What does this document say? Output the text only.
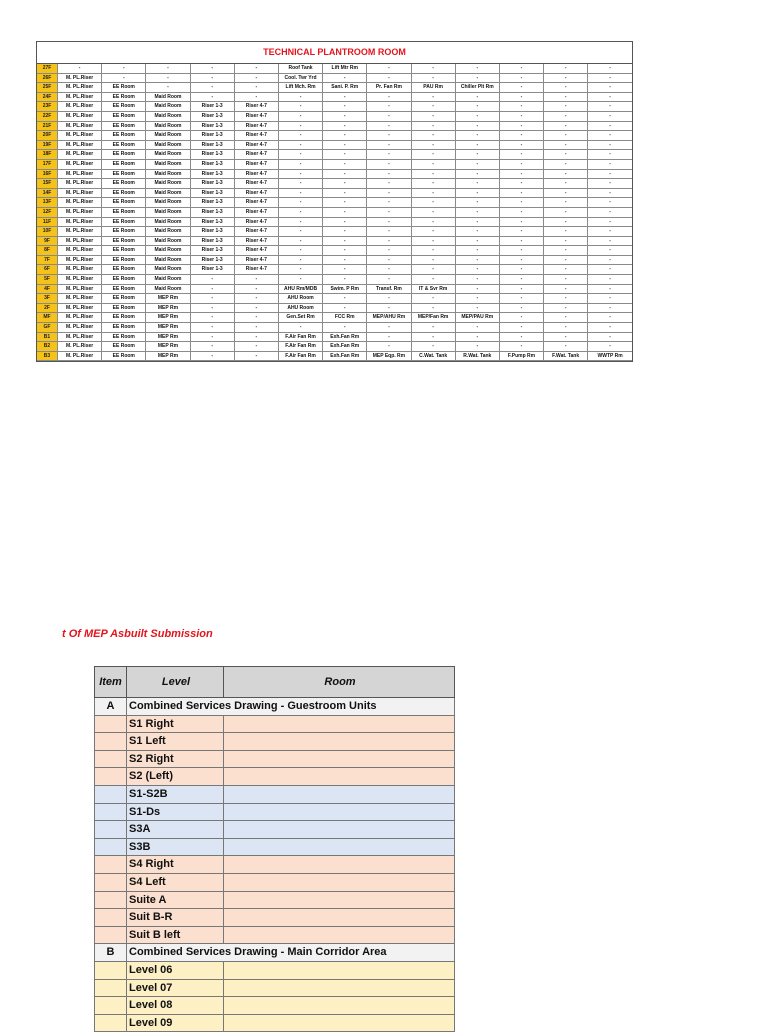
TECHNICAL PLANTROOM ROOM
27F	-	-	-	-	-	Roof Tank	Lift Mtr Rm	-	-	-	-	-	-
26F	M. PL.Riser	-	-	-	-	Cool. Twr Yrd	-	-	-	-	-	-	-
25F	M. PL.Riser	EE Room	-	-	-	Lift Mch. Rm	Sani. P. Rm	Pr. Fan Rm	PAU Rm	Chiller Plt Rm	-	-	-
24F	M. PL.Riser	EE Room	Maid Room	-	-	-	-	-	-	-	-	-	-
23F	M. PL.Riser	EE Room	Maid Room	Riser 1-3	Riser 4-7	-	-	-	-	-	-	-	-
22F	M. PL.Riser	EE Room	Maid Room	Riser 1-3	Riser 4-7	-	-	-	-	-	-	-	-
21F	M. PL.Riser	EE Room	Maid Room	Riser 1-3	Riser 4-7	-	-	-	-	-	-	-	-
20F	M. PL.Riser	EE Room	Maid Room	Riser 1-3	Riser 4-7	-	-	-	-	-	-	-	-
19F	M. PL.Riser	EE Room	Maid Room	Riser 1-3	Riser 4-7	-	-	-	-	-	-	-	-
18F	M. PL.Riser	EE Room	Maid Room	Riser 1-3	Riser 4-7	-	-	-	-	-	-	-	-
17F	M. PL.Riser	EE Room	Maid Room	Riser 1-3	Riser 4-7	-	-	-	-	-	-	-	-
16F	M. PL.Riser	EE Room	Maid Room	Riser 1-3	Riser 4-7	-	-	-	-	-	-	-	-
15F	M. PL.Riser	EE Room	Maid Room	Riser 1-3	Riser 4-7	-	-	-	-	-	-	-	-
14F	M. PL.Riser	EE Room	Maid Room	Riser 1-3	Riser 4-7	-	-	-	-	-	-	-	-
13F	M. PL.Riser	EE Room	Maid Room	Riser 1-3	Riser 4-7	-	-	-	-	-	-	-	-
12F	M. PL.Riser	EE Room	Maid Room	Riser 1-3	Riser 4-7	-	-	-	-	-	-	-	-
11F	M. PL.Riser	EE Room	Maid Room	Riser 1-3	Riser 4-7	-	-	-	-	-	-	-	-
10F	M. PL.Riser	EE Room	Maid Room	Riser 1-3	Riser 4-7	-	-	-	-	-	-	-	-
9F	M. PL.Riser	EE Room	Maid Room	Riser 1-3	Riser 4-7	-	-	-	-	-	-	-	-
8F	M. PL.Riser	EE Room	Maid Room	Riser 1-3	Riser 4-7	-	-	-	-	-	-	-	-
7F	M. PL.Riser	EE Room	Maid Room	Riser 1-3	Riser 4-7	-	-	-	-	-	-	-	-
6F	M. PL.Riser	EE Room	Maid Room	Riser 1-3	Riser 4-7	-	-	-	-	-	-	-	-
5F	M. PL.Riser	EE Room	Maid Room	-	-	-	-	-	-	-	-	-	-
4F	M. PL.Riser	EE Room	Maid Room	-	-	AHU Rm/MDB	Swim. P Rm	Transf. Rm	IT & Svr Rm	-	-	-	-
3F	M. PL.Riser	EE Room	MEP Rm	-	-	AHU Room	-	-	-	-	-	-	-
2F	M. PL.Riser	EE Room	MEP Rm	-	-	AHU Room	-	-	-	-	-	-	-
MF	M. PL.Riser	EE Room	MEP Rm	-	-	Gen.Set Rm	FCC Rm	MEP/AHU Rm	MEP/Fan Rm	MEP/PAU Rm	-	-	-
GF	M. PL.Riser	EE Room	MEP Rm	-	-	-	-	-	-	-	-	-	-
B1	M. PL.Riser	EE Room	MEP Rm	-	-	F.Air Fan Rm	Exh.Fan Rm	-	-	-	-	-	-
B2	M. PL.Riser	EE Room	MEP Rm	-	-	F.Air Fan Rm	Exh.Fan Rm	-	-	-	-	-	-
B3	M. PL.Riser	EE Room	MEP Rm	-	-	F.Air Fan Rm	Exh.Fan Rm	MEP Eqp. Rm	C.Wat. Tank	R.Wat. Tank	F.Pump Rm	F.Wat. Tank	WWTP Rm
t Of MEP Asbuilt Submission
Item	Level	Room
A	Combined Services Drawing - Guestroom Units	
	S1 Right	
	S1 Left	
	S2 Right	
	S2 (Left)	
	S1-S2B	
	S1-Ds	
	S3A	
	S3B	
	S4 Right	
	S4 Left	
	Suite A	
	Suit B-R	
	Suit B left	
B	Combined Services Drawing - Main Corridor Area	
	Level 06	
	Level 07	
	Level 08	
	Level 09	
